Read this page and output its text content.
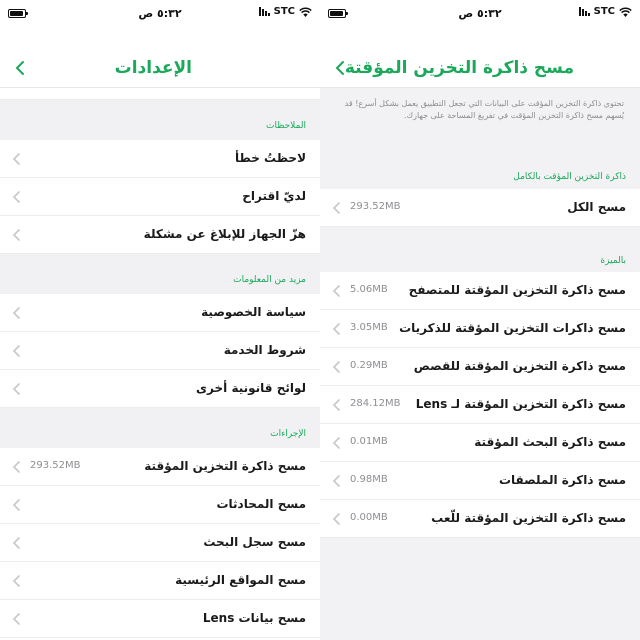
٥:٣٢ ص	STC
الإعدادات
الملاحظات
لاحظتُ خطأ
لديّ اقتراح
هزّ الجهاز للإبلاغ عن مشكلة
مزيد من المعلومات
سياسة الخصوصية
شروط الخدمة
لوائح قانونية أخرى
الإجراءات
293.52MB	مسح ذاكرة التخزين المؤقتة
مسح المحادثات
مسح سجل البحث
مسح المواقع الرئيسية
مسح بيانات Lens
٥:٣٢ ص	STC
مسح ذاكرة التخزين المؤقتة
تحتوي ذاكرة التخزين المؤقت على البيانات التي تجعل التطبيق يعمل بشكل أسرع! قد يُسهم مسح ذاكرة التخزين المؤقت في تفريغ المساحة على جهازك.
ذاكرة التخزين المؤقت بالكامل
293.52MB	مسح الكل
بالميزة
5.06MB مسح ذاكرة التخزين المؤقتة للمتصفح
3.05MB مسح ذاكرات التخزين المؤقتة للذكريات
0.29MB مسح ذاكرة التخزين المؤقتة للقصص
284.12MB مسح ذاكرة التخزين المؤقتة لـ Lens
0.01MB	مسح ذاكرة البحث المؤقتة
0.98MB	مسح ذاكرة الملصقات
0.00MB	مسح ذاكرة التخزين المؤقتة للّعب
